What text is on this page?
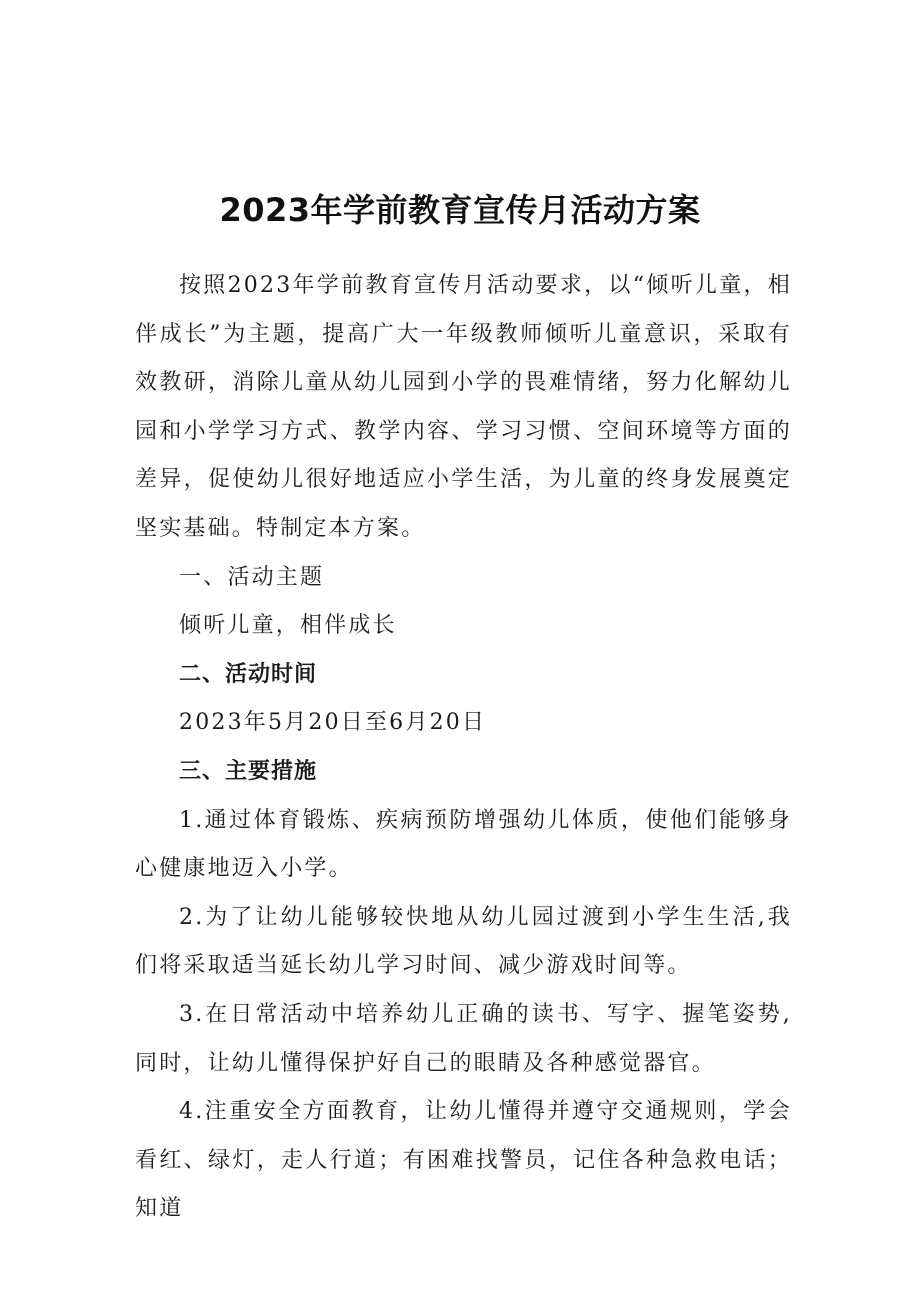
2023年学前教育宣传月活动方案

按照2023年学前教育宣传月活动要求，以“倾听儿童，相伴成长”为主题，提高广大一年级教师倾听儿童意识，采取有效教研，消除儿童从幼儿园到小学的畏难情绪，努力化解幼儿园和小学学习方式、教学内容、学习习惯、空间环境等方面的差异，促使幼儿很好地适应小学生活，为儿童的终身发展奠定坚实基础。特制定本方案。

一、活动主题

倾听儿童，相伴成长

二、活动时间

2023年5月20日至6月20日

三、主要措施

1.通过体育锻炼、疾病预防增强幼儿体质，使他们能够身心健康地迈入小学。

2.为了让幼儿能够较快地从幼儿园过渡到小学生生活,我们将采取适当延长幼儿学习时间、减少游戏时间等。

3.在日常活动中培养幼儿正确的读书、写字、握笔姿势,同时，让幼儿懂得保护好自己的眼睛及各种感觉器官。

4.注重安全方面教育，让幼儿懂得并遵守交通规则，学会看红、绿灯，走人行道；有困难找警员，记住各种急救电话；知道
